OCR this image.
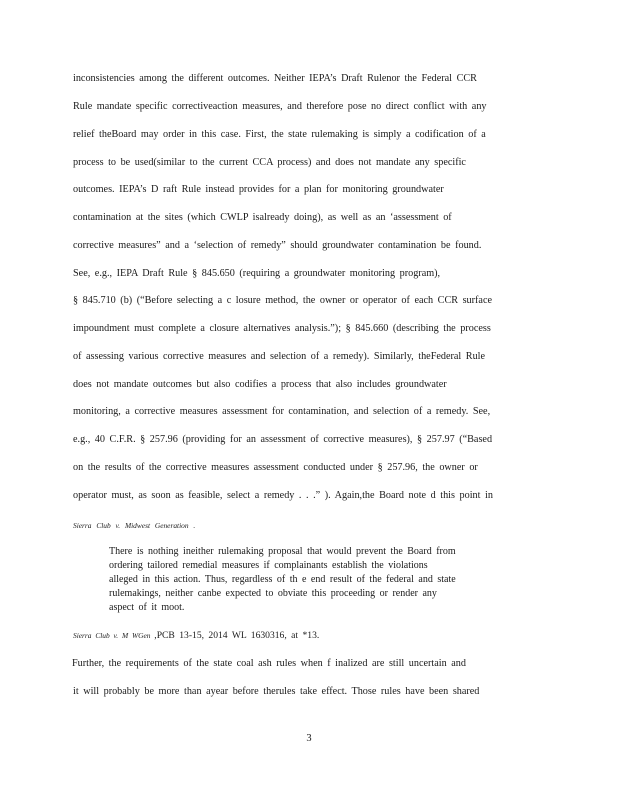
inconsistencies among the different outcomes. Neither IEPA’s Draft Rulenor the Federal CCR
Rule mandate specific correctiveaction measures, and therefore pose no direct conflict with any
relief theBoard may order in this case. First, the state rulemaking is simply a codification of a
process to be used(similar to the current CCA process) and does not mandate any specific
outcomes. IEPA’s D raft Rule instead provides for a plan for monitoring groundwater
contamination at the sites (which CWLP isalready doing), as well as an ‘assessment of
corrective measures” and a ‘selection of remedy” should groundwater contamination be found.
See, e.g., IEPA Draft Rule § 845.650 (requiring a groundwater monitoring program),
§ 845.710 (b) (“Before selecting a c losure method, the owner or operator of each CCR surface
impoundment must complete a closure alternatives analysis.”); § 845.660 (describing the process
of assessing various corrective measures and selection of a remedy). Similarly, theFederal Rule
does not mandate outcomes but also codifies a process that also includes groundwater
monitoring, a corrective measures assessment for contamination, and selection of a remedy. See,
e.g., 40 C.F.R. § 257.96 (providing for an assessment of corrective measures), § 257.97 (“Based
on the results of the corrective measures assessment conducted under § 257.96, the owner or
operator must, as soon as feasible, select a remedy . . .” ). Again,the Board note d this point in
Sierra Club v. Midwest Generation .
There is nothing ineither rulemaking proposal that would prevent the Board from
ordering tailored remedial measures if complainants establish the violations
alleged in this action. Thus, regardless of th e end result of the federal and state
rulemakings, neither canbe expected to obviate this proceeding or render any
aspect of it moot.
Sierra Club v. M WGen ,PCB 13-15, 2014 WL 1630316, at *13.
Further, the requirements of the state coal ash rules when f inalized are still uncertain and
it will probably be more than ayear before therules take effect. Those rules have been shared
3
